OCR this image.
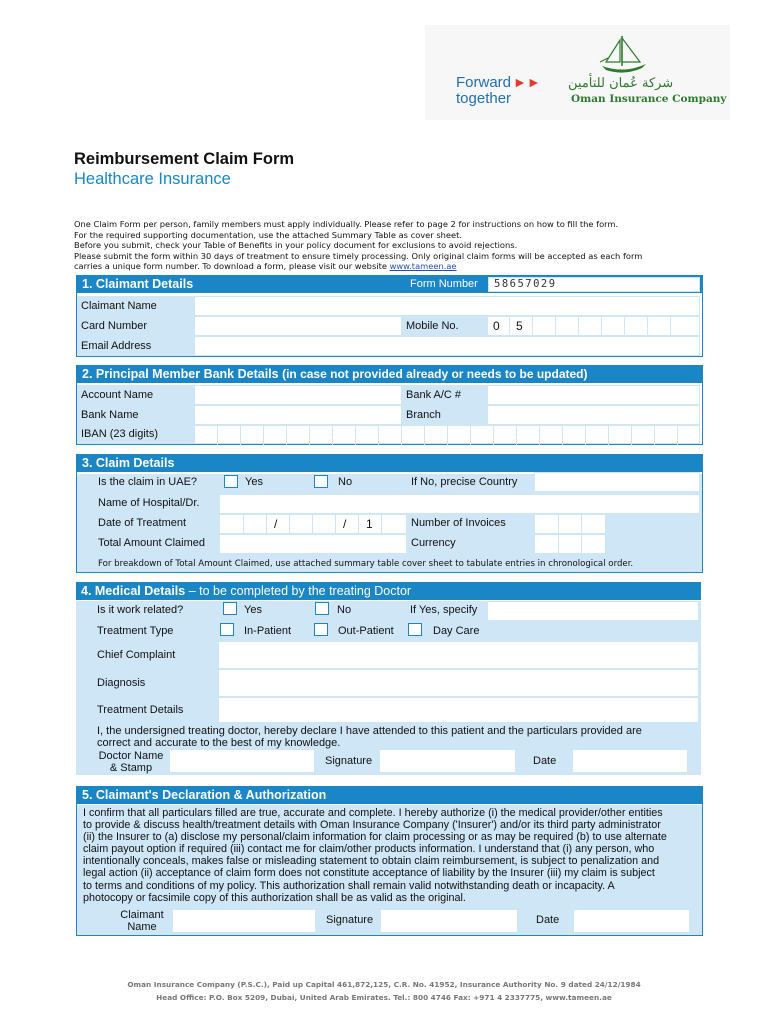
Forward ►►
together
شركة عُمان للتأمين
Oman Insurance Company
Reimbursement Claim Form
Healthcare Insurance
One Claim Form per person, family members must apply individually. Please refer to page 2 for instructions on how to fill the form.
For the required supporting documentation, use the attached Summary Table as cover sheet.
Before you submit, check your Table of Benefits in your policy document for exclusions to avoid rejections.
Please submit the form within 30 days of treatment to ensure timely processing. Only original claim forms will be accepted as each form
carries a unique form number. To download a form, please visit our website www.tameen.ae
1. Claimant Details	Form Number 58657029
Claimant Name
Card Number	Mobile No.	0 5
Email Address
2. Principal Member Bank Details (in case not provided already or needs to be updated)
Account Name	Bank A/C #
Bank Name	Branch
IBAN (23 digits)
3. Claim Details
Is the claim in UAE?	Yes	No	If No, precise Country
Name of Hospital/Dr.
Date of Treatment	/	/ 1	Number of Invoices
Total Amount Claimed	Currency
For breakdown of Total Amount Claimed, use attached summary table cover sheet to tabulate entries in chronological order.
4. Medical Details – to be completed by the treating Doctor
Is it work related?	Yes	No	If Yes, specify
Treatment Type	In-Patient	Out-Patient	Day Care
Chief Complaint
Diagnosis
Treatment Details
I, the undersigned treating doctor, hereby declare I have attended to this patient and the particulars provided are
correct and accurate to the best of my knowledge.
Doctor Name
& Stamp
Signature	Date
5. Claimant's Declaration & Authorization
I confirm that all particulars filled are true, accurate and complete. I hereby authorize (i) the medical provider/other entities
to provide & discuss health/treatment details with Oman Insurance Company ('Insurer') and/or its third party administrator
(ii) the Insurer to (a) disclose my personal/claim information for claim processing or as may be required (b) to use alternate
claim payout option if required (iii) contact me for claim/other products information. I understand that (i) any person, who
intentionally conceals, makes false or misleading statement to obtain claim reimbursement, is subject to penalization and
legal action (ii) acceptance of claim form does not constitute acceptance of liability by the Insurer (iii) my claim is subject
to terms and conditions of my policy. This authorization shall remain valid notwithstanding death or incapacity. A
photocopy or facsimile copy of this authorization shall be as valid as the original.
Claimant
Name
Signature	Date
Oman Insurance Company (P.S.C.), Paid up Capital 461,872,125, C.R. No. 41952, Insurance Authority No. 9 dated 24/12/1984
Head Office: P.O. Box 5209, Dubai, United Arab Emirates. Tel.: 800 4746 Fax: +971 4 2337775, www.tameen.ae
